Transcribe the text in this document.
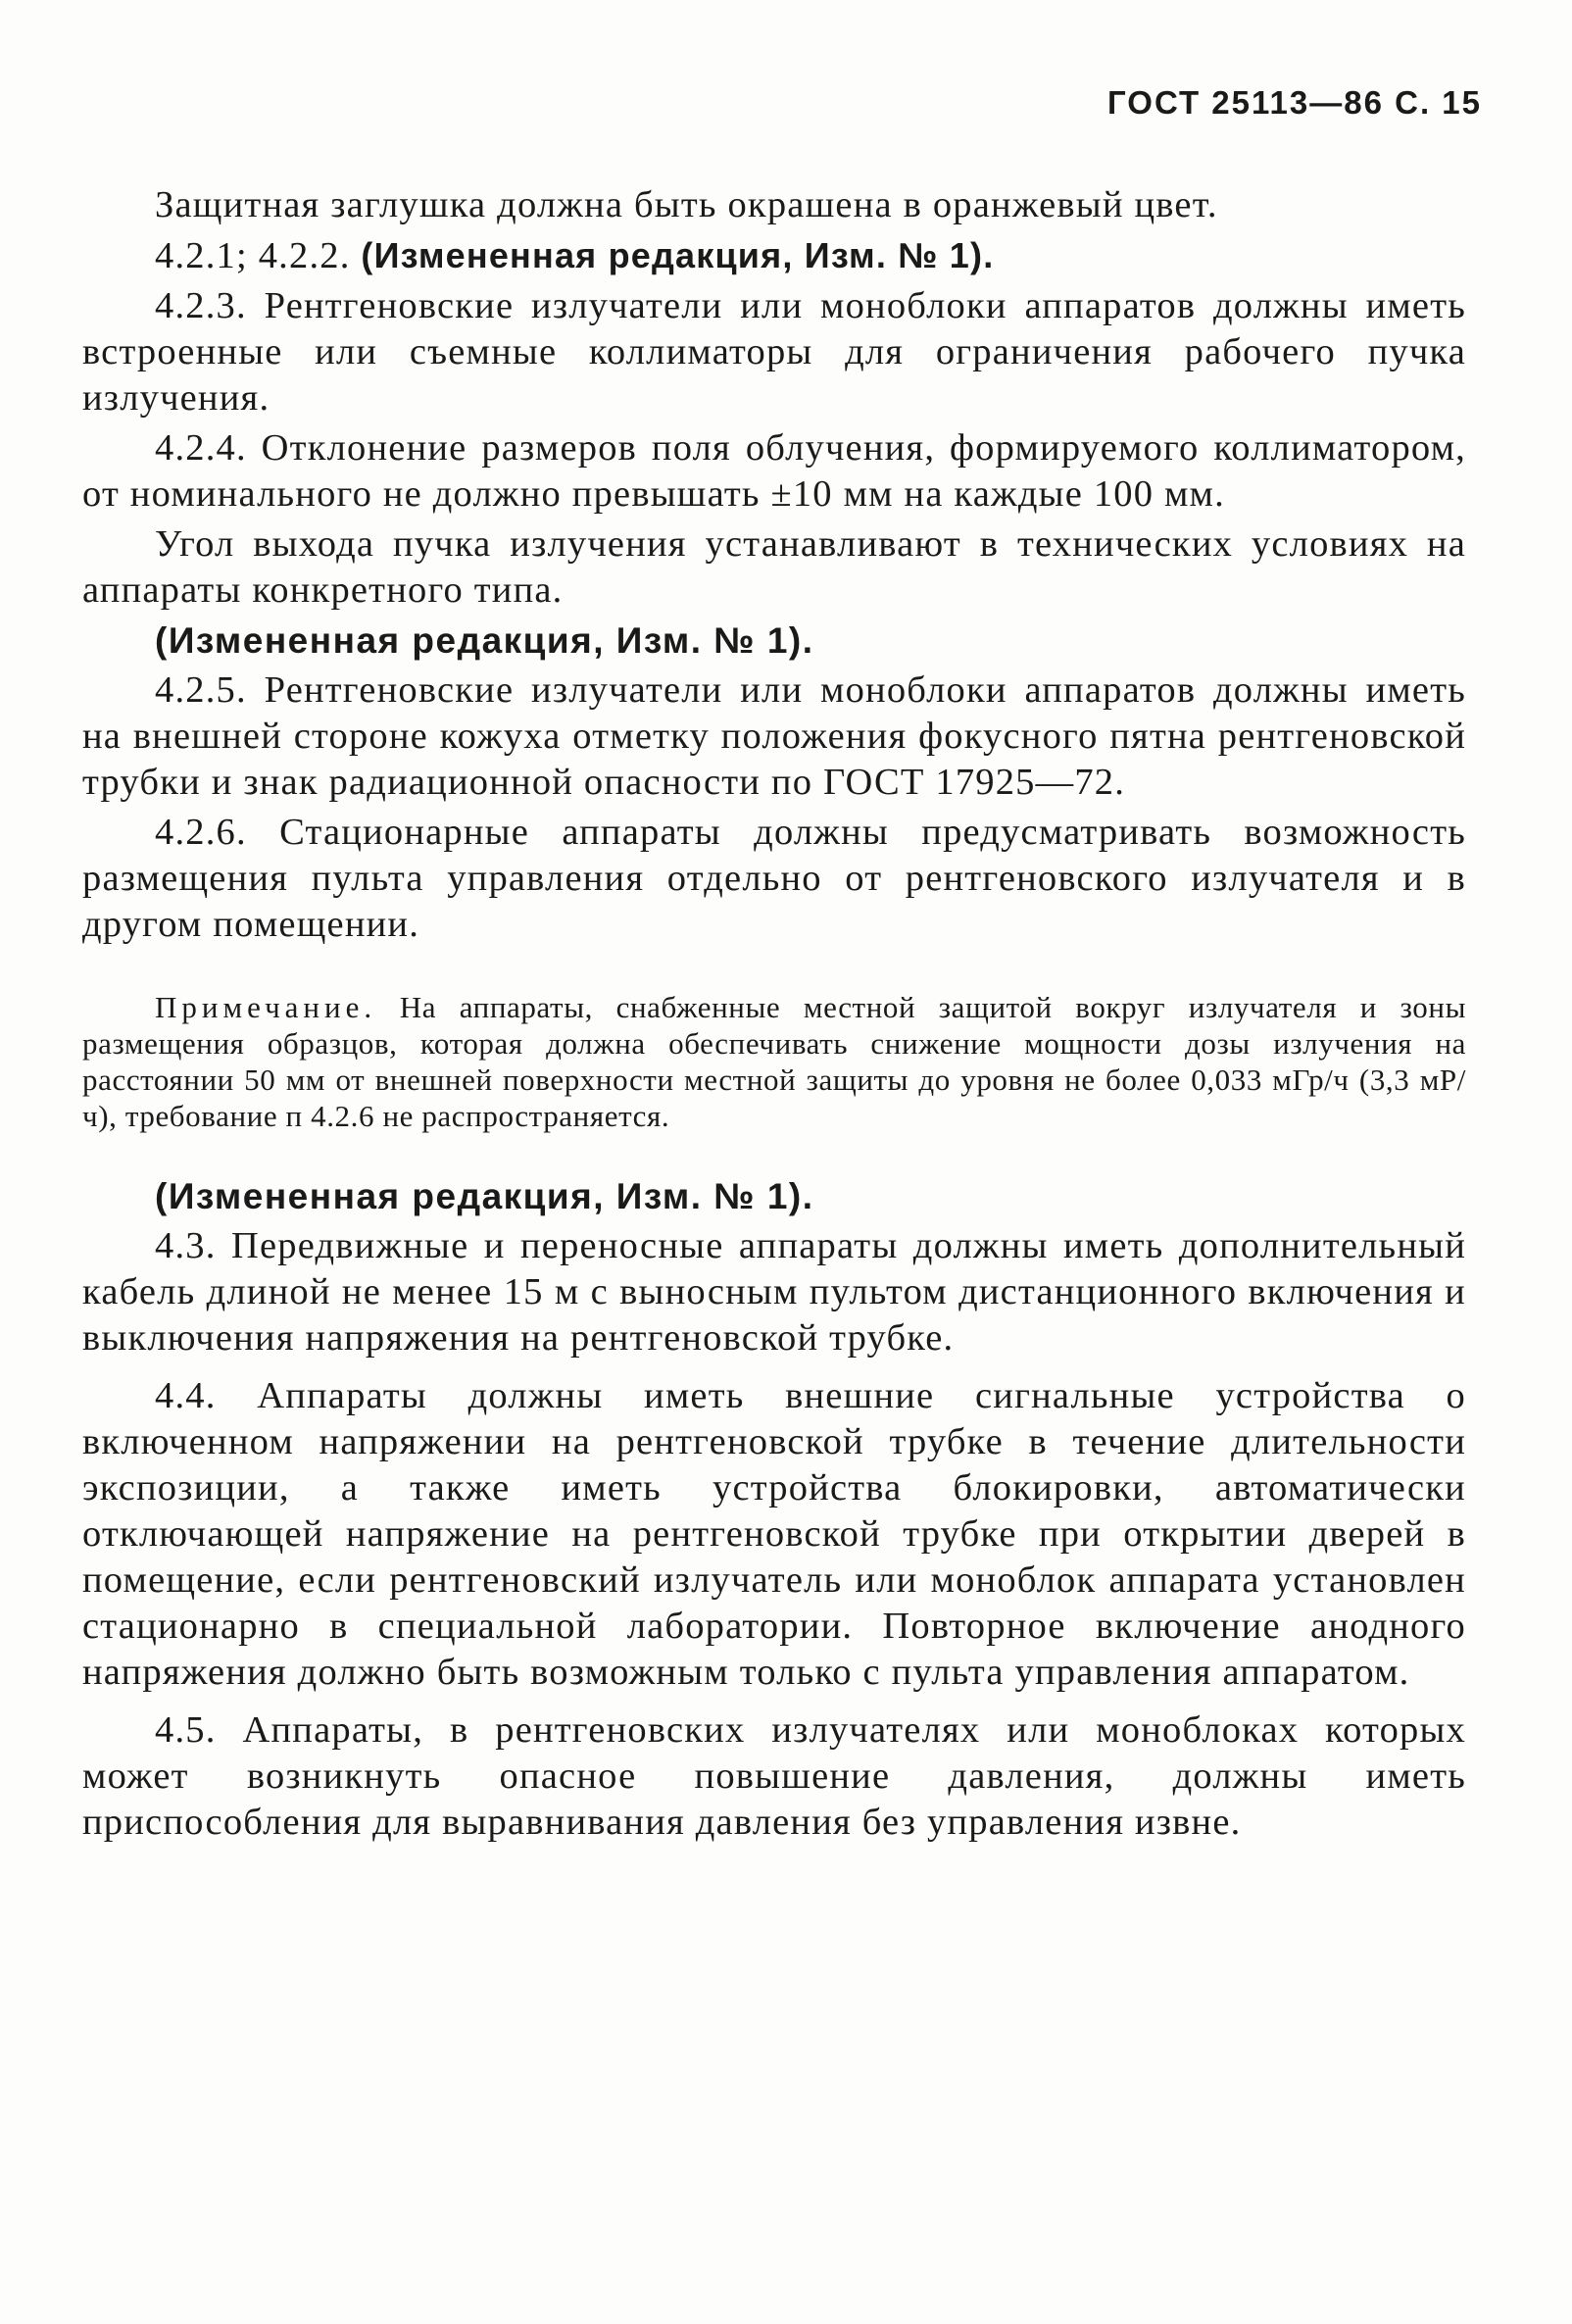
ГОСТ 25113—86 С. 15

Защитная заглушка должна быть окрашена в оранжевый цвет.

4.2.1; 4.2.2. (Измененная редакция, Изм. № 1).

4.2.3. Рентгеновские излучатели или моноблоки аппаратов должны иметь встроенные или съемные коллиматоры для ограничения рабочего пучка излучения.

4.2.4. Отклонение размеров поля облучения, формируемого коллиматором, от номинального не должно превышать ±10 мм на каждые 100 мм.

Угол выхода пучка излучения устанавливают в технических условиях на аппараты конкретного типа.

(Измененная редакция, Изм. № 1).

4.2.5. Рентгеновские излучатели или моноблоки аппаратов должны иметь на внешней стороне кожуха отметку положения фокусного пятна рентгеновской трубки и знак радиационной опасности по ГОСТ 17925—72.

4.2.6. Стационарные аппараты должны предусматривать возможность размещения пульта управления отдельно от рентгеновского излучателя и в другом помещении.

Примечание. На аппараты, снабженные местной защитой вокруг излучателя и зоны размещения образцов, которая должна обеспечивать снижение мощности дозы излучения на расстоянии 50 мм от внешней поверхности местной защиты до уровня не более 0,033 мГр/ч (3,3 мР/ч), требование п 4.2.6 не распространяется.

(Измененная редакция, Изм. № 1).

4.3. Передвижные и переносные аппараты должны иметь дополнительный кабель длиной не менее 15 м с выносным пультом дистанционного включения и выключения напряжения на рентгеновской трубке.

4.4. Аппараты должны иметь внешние сигнальные устройства о включенном напряжении на рентгеновской трубке в течение длительности экспозиции, а также иметь устройства блокировки, автоматически отключающей напряжение на рентгеновской трубке при открытии дверей в помещение, если рентгеновский излучатель или моноблок аппарата установлен стационарно в специальной лаборатории. Повторное включение анодного напряжения должно быть возможным только с пульта управления аппаратом.

4.5. Аппараты, в рентгеновских излучателях или моноблоках которых может возникнуть опасное повышение давления, должны иметь приспособления для выравнивания давления без управления извне.
